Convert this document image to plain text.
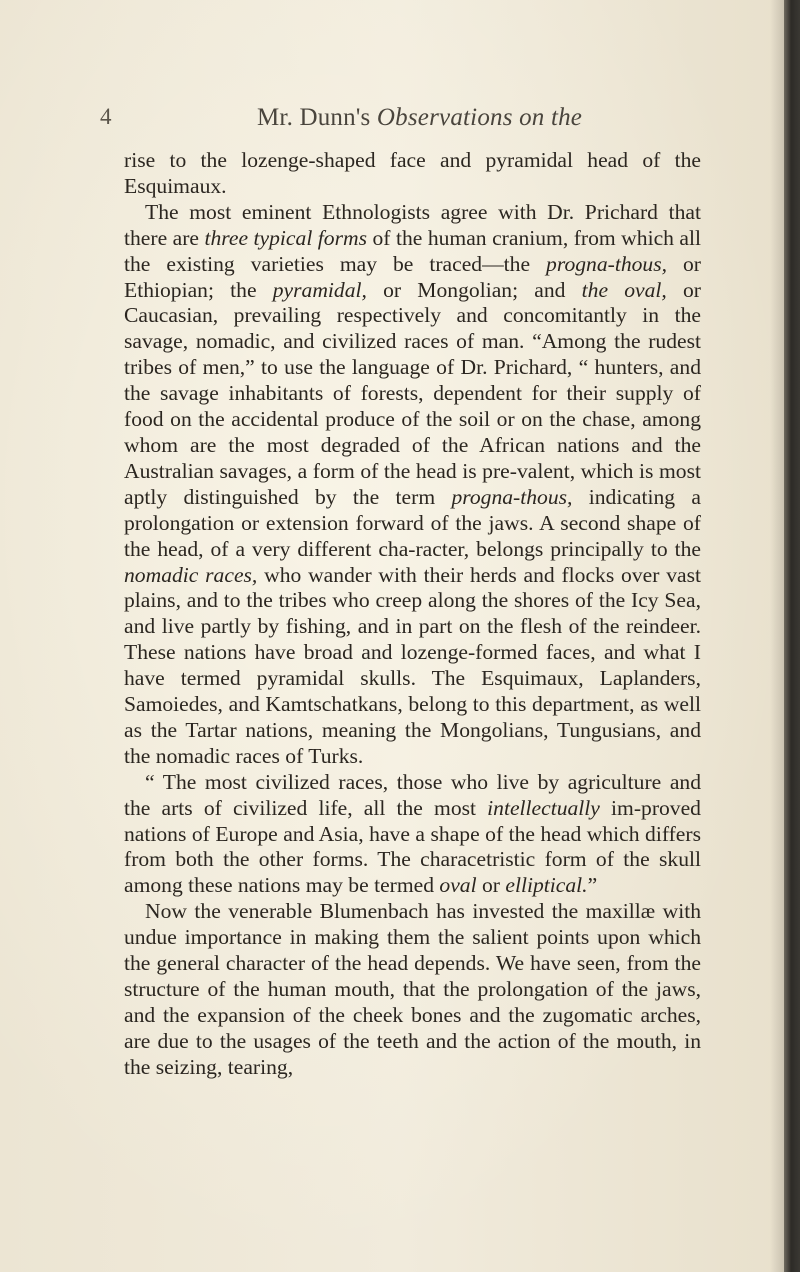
4	Mr. Dunn's Observations on the

rise to the lozenge-shaped face and pyramidal head of the Esquimaux.

The most eminent Ethnologists agree with Dr. Prichard that there are three typical forms of the human cranium, from which all the existing varieties may be traced—the progna-thous, or Ethiopian; the pyramidal, or Mongolian; and the oval, or Caucasian, prevailing respectively and concomitantly in the savage, nomadic, and civilized races of man. “Among the rudest tribes of men,” to use the language of Dr. Prichard, “ hunters, and the savage inhabitants of forests, dependent for their supply of food on the accidental produce of the soil or on the chase, among whom are the most degraded of the African nations and the Australian savages, a form of the head is pre-valent, which is most aptly distinguished by the term progna-thous, indicating a prolongation or extension forward of the jaws. A second shape of the head, of a very different cha-racter, belongs principally to the nomadic races, who wander with their herds and flocks over vast plains, and to the tribes who creep along the shores of the Icy Sea, and live partly by fishing, and in part on the flesh of the reindeer. These nations have broad and lozenge-formed faces, and what I have termed pyramidal skulls. The Esquimaux, Laplanders, Samoiedes, and Kamtschatkans, belong to this department, as well as the Tartar nations, meaning the Mongolians, Tungusians, and the nomadic races of Turks.

“ The most civilized races, those who live by agriculture and the arts of civilized life, all the most intellectually im-proved nations of Europe and Asia, have a shape of the head which differs from both the other forms. The characetristic form of the skull among these nations may be termed oval or elliptical.”

Now the venerable Blumenbach has invested the maxillæ with undue importance in making them the salient points upon which the general character of the head depends. We have seen, from the structure of the human mouth, that the prolongation of the jaws, and the expansion of the cheek bones and the zugomatic arches, are due to the usages of the teeth and the action of the mouth, in the seizing, tearing,
